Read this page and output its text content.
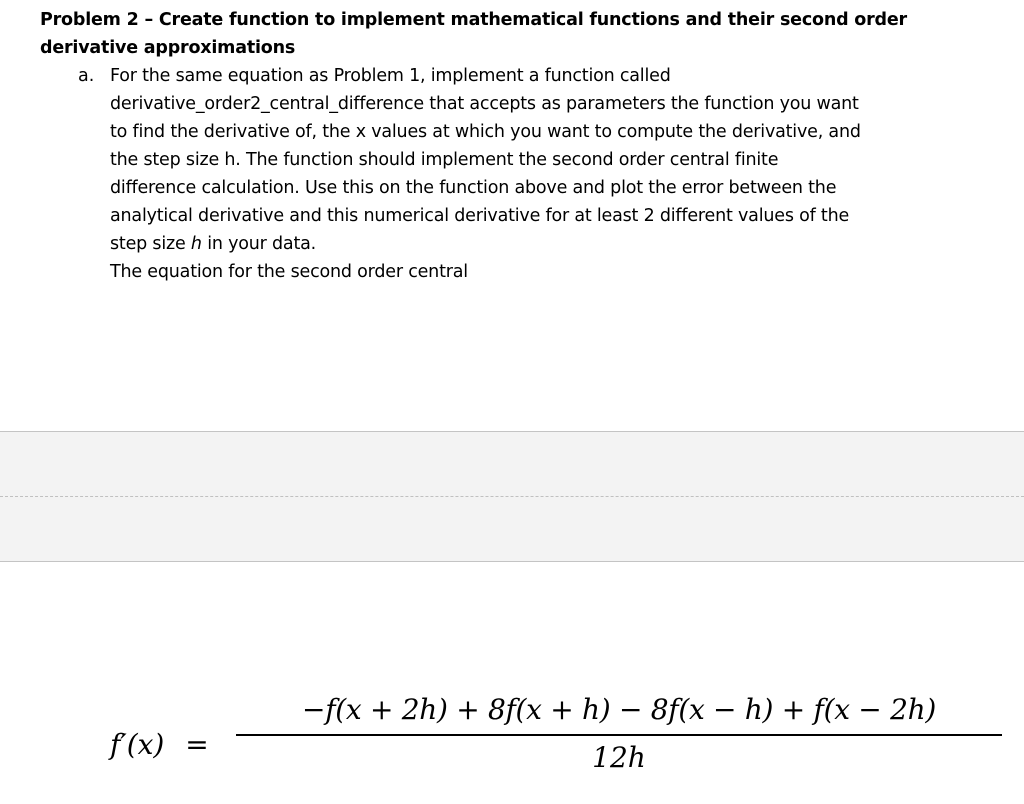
Problem 2 – Create function to implement mathematical functions and their second order
derivative approximations
a. For the same equation as Problem 1, implement a function called

derivative_order2_central_difference that accepts as parameters the function you want

to find the derivative of, the x values at which you want to compute the derivative, and

the step size h. The function should implement the second order central finite

difference calculation. Use this on the function above and plot the error between the

analytical derivative and this numerical derivative for at least 2 different values of the

step size h in your data.

The equation for the second order central

f′(x) =
−f(x + 2h) + 8f(x + h) − 8f(x − h) + f(x − 2h)
12h
